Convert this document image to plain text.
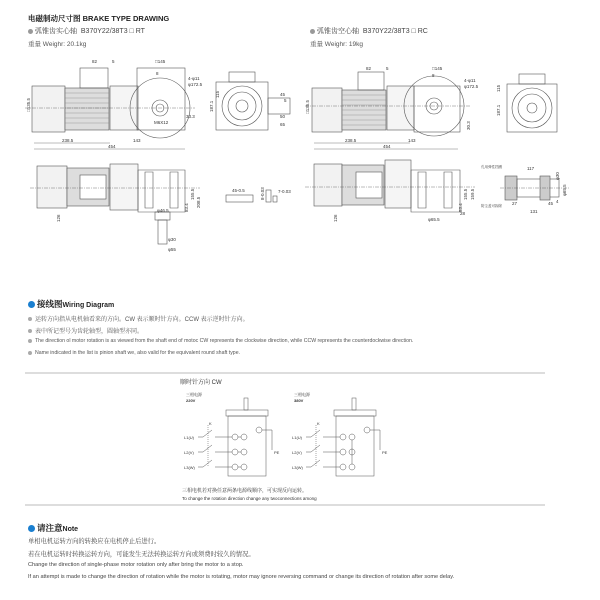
电磁制动尺寸图 BRAKE TYPE DRAWING
弧锥齿实心轴 B370Y22/38T3 □ RT
重量 Weighr: 20.1kg
弧锥齿空心轴 B370Y22/38T3 □ RC
重量 Weighr: 19kg
82	5	□145
8
4-φ11
φ172.5
M6X12
33.3
□135.5
238.5	143
454
187.1
115	45
5
50
65
126
φ46.5
φ30
φ55
155.5
83.4 208.5
45-0.5	8-0.03	7-0.03
82	5	□145
8
4-φ11
φ172.5
30.3
□135.5
238.5	143
454
187.1
115
126	φ65.5
155.5
83.4
159.5
28
117
φ30
φ65.5
27	45
131
4
孔用弹性挡圈
防尘盖可拆除
接线图Wiring Diagram
运转方向指从电机轴看来的方向。CW 表示顺时针方向。CCW 表示逆时针方向。
表中所记型号为齿轮轴型，圆轴型亦同。
The direction ol motor rotation is as viewed from the shaft end of motoc CW represents the clockwise direction, while CCW represents the counterdockwise direction.
Name indicated in the list is pinion shaft we, also valid for the equivalent round shaft type.
顺时针方向 CW
三相电源
220V
三相电源
380V
K
L1(U)
L2(V)
L3(W)
PE
K
L1(U)
L2(V)
L3(W)
PE
三相电机若对换任意两条电源线顺序，可实现反向运转。
To change the rotation direction change any twoconnections among
请注意Note
单相电机运转方向的转换应在电机停止后进行。
若在电机运转时转换运转方向，可能发生无法转换运转方向或须费时较久的情况。
Change the direction of single-phase motor rotation only after bring the motor to a stop.
If an attempt is made to change the direction of rotation while the motor is rotating, motor may ignore reversing command or change its direction of rotation after some delay.
